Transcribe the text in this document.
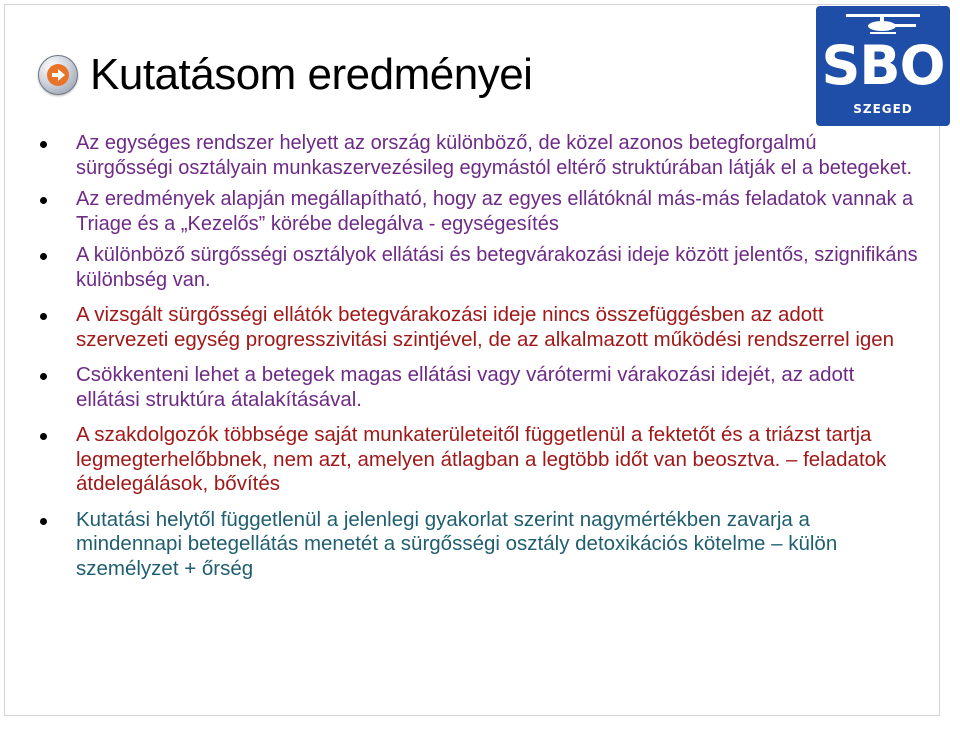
Kutatásom eredményei	SBO
SZEGED
Az egységes rendszer helyett az ország különböző, de közel azonos betegforgalmú sürgősségi osztályain munkaszervezésileg egymástól eltérő struktúrában látják el a betegeket.
Az eredmények alapján megállapítható, hogy az egyes ellátóknál más-más feladatok vannak a Triage és a „Kezelős” körébe delegálva - egységesítés
A különböző sürgősségi osztályok ellátási és betegvárakozási ideje között jelentős, szignifikáns különbség van.
A vizsgált sürgősségi ellátók betegvárakozási ideje nincs összefüggésben az adott szervezeti egység progresszivitási szintjével, de az alkalmazott működési rendszerrel igen
Csökkenteni lehet a betegek magas ellátási vagy várótermi várakozási idejét, az adott ellátási struktúra átalakításával.
A szakdolgozók többsége saját munkaterületeitől függetlenül a fektetőt és a triázst tartja legmegterhelőbbnek, nem azt, amelyen átlagban a legtöbb időt van beosztva. – feladatok átdelegálások, bővítés
Kutatási helytől függetlenül a jelenlegi gyakorlat szerint nagymértékben zavarja a mindennapi betegellátás menetét a sürgősségi osztály detoxikációs kötelme – külön személyzet + őrség
